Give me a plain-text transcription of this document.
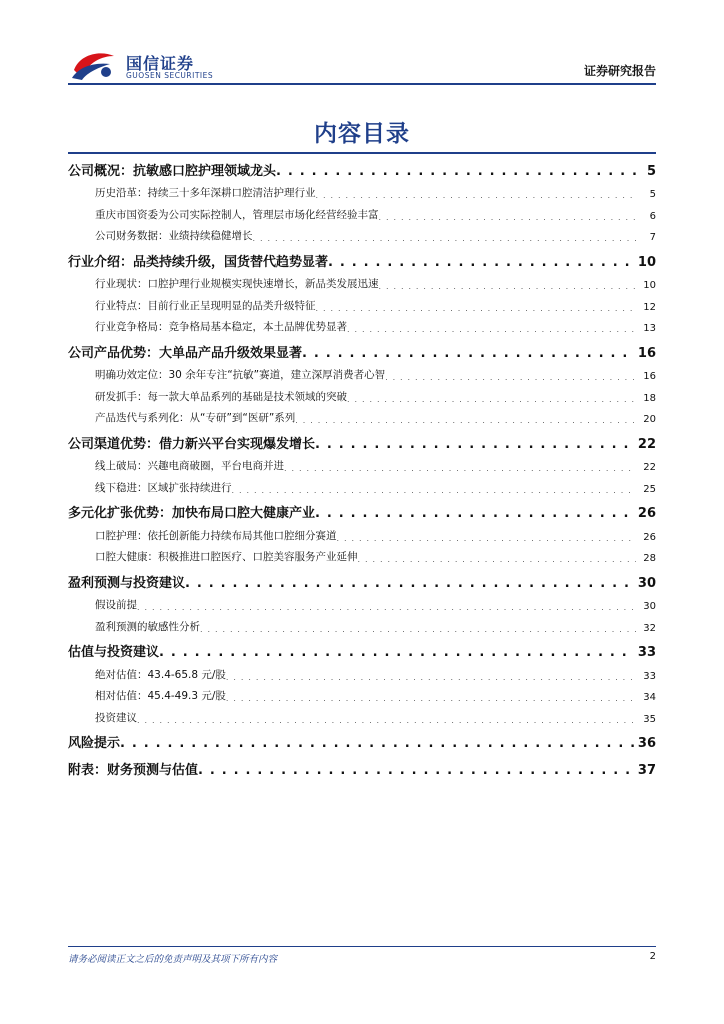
国信证券
GUOSEN SECURITIES	证券研究报告
内容目录
公司概况：抗敏感口腔护理领域龙头 . . .	5
历史沿革：持续三十多年深耕口腔清洁护理行业 . . .	5
重庆市国资委为公司实际控制人，管理层市场化经营经验丰富 . . .	6
公司财务数据：业绩持续稳健增长 . . .	7
行业介绍：品类持续升级，国货替代趋势显著 . . .	10
行业现状：口腔护理行业规模实现快速增长，新品类发展迅速 . . .	10
行业特点：目前行业正呈现明显的品类升级特征 . . .	12
行业竞争格局：竞争格局基本稳定，本土品牌优势显著 . . .	13
公司产品优势：大单品产品升级效果显著 . . .	16
明确功效定位：30 余年专注“抗敏”赛道，建立深厚消费者心智 . . .	16
研发抓手：每一款大单品系列的基础是技术领域的突破 . . .	18
产品迭代与系列化：从“专研”到“医研”系列 . . .	20
公司渠道优势：借力新兴平台实现爆发增长 . . .	22
线上破局：兴趣电商破圈，平台电商并进 . . .	22
线下稳进：区域扩张持续进行 . . .	25
多元化扩张优势：加快布局口腔大健康产业 . . .	26
口腔护理：依托创新能力持续布局其他口腔细分赛道 . . .	26
口腔大健康：积极推进口腔医疗、口腔美容服务产业延伸 . . .	28
盈利预测与投资建议 . . .	30
假设前提 . . .	30
盈利预测的敏感性分析 . . .	32
估值与投资建议 . . .	33
绝对估值：43.4-65.8 元/股 . . .	33
相对估值：45.4-49.3 元/股 . . .	34
投资建议 . . .	35
风险提示 . . .	36
附表：财务预测与估值 . . .	37
请务必阅读正文之后的免责声明及其项下所有内容	2
